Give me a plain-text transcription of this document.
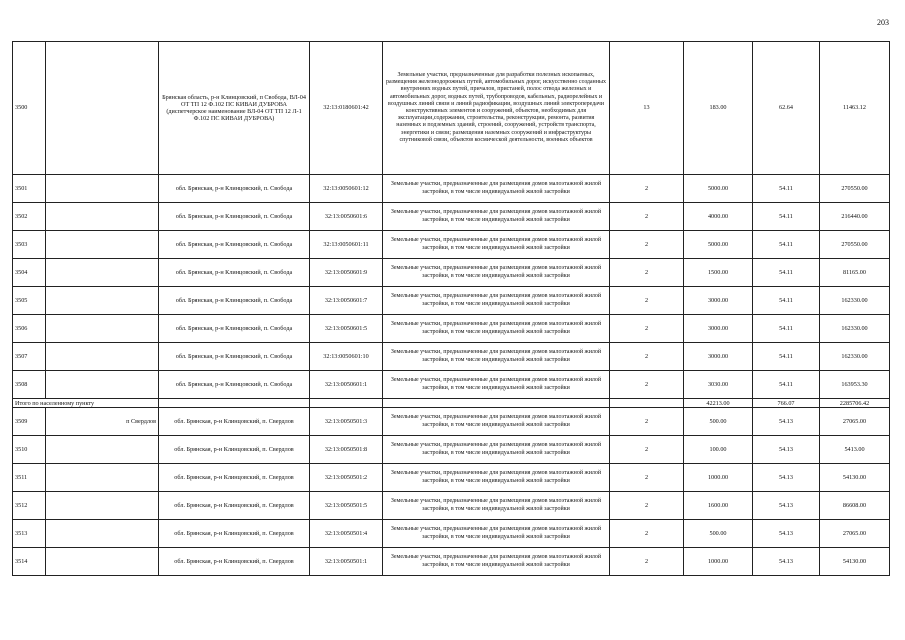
203
3500		Брянская область, р-н Клинцовский, п Свобода, ВЛ-04 ОТ ТП 12 Ф.102 ПС КИВАИ ДУБРОВА (диспетчерское наименование ВЛ-04 ОТ ТП 12 Л-1 Ф.102 ПС КИВАИ ДУБРОВА)	32:13:0180601:42	Земельные участки, предназначенные для разработки полезных ископаемых, размещения железнодорожных путей, автомобильных дорог, искусственно созданных внутренних водных путей, причалов, пристаней, полос отвода железных и автомобильных дорог, водных путей, трубопроводов, кабельных, радиорелейных и воздушных линий связи и линий радиофикации, воздушных линий электропередачи конструктивных элементов и сооружений, объектов, необходимых для эксплуатации,содержания, строительства, реконструкции, ремонта, развития наземных и подземных зданий, строений, сооружений, устройств транспорта, энергетики и связи; размещения наземных сооружений и инфраструктуры спутниковой связи, объектов космической деятельности, военных объектов	13	183.00	62.64	11463.12
3501		обл. Брянская, р-н Клинцовский, п. Свобода	32:13:0050601:12	Земельные участки, предназначенные для размещения домов малоэтажной жилой застройки, в том числе индивидуальной жилой застройки	2	5000.00	54.11	270550.00
3502		обл. Брянская, р-н Клинцовский, п. Свобода	32:13:0050601:6	Земельные участки, предназначенные для размещения домов малоэтажной жилой застройки, в том числе индивидуальной жилой застройки	2	4000.00	54.11	216440.00
3503		обл. Брянская, р-н Клинцовский, п. Свобода	32:13:0050601:11	Земельные участки, предназначенные для размещения домов малоэтажной жилой застройки, в том числе индивидуальной жилой застройки	2	5000.00	54.11	270550.00
3504		обл. Брянская, р-н Клинцовский, п. Свобода	32:13:0050601:9	Земельные участки, предназначенные для размещения домов малоэтажной жилой застройки, в том числе индивидуальной жилой застройки	2	1500.00	54.11	81165.00
3505		обл. Брянская, р-н Клинцовский, п. Свобода	32:13:0050601:7	Земельные участки, предназначенные для размещения домов малоэтажной жилой застройки, в том числе индивидуальной жилой застройки	2	3000.00	54.11	162330.00
3506		обл. Брянская, р-н Клинцовский, п. Свобода	32:13:0050601:5	Земельные участки, предназначенные для размещения домов малоэтажной жилой застройки, в том числе индивидуальной жилой застройки	2	3000.00	54.11	162330.00
3507		обл. Брянская, р-н Клинцовский, п. Свобода	32:13:0050601:10	Земельные участки, предназначенные для размещения домов малоэтажной жилой застройки, в том числе индивидуальной жилой застройки	2	3000.00	54.11	162330.00
3508		обл. Брянская, р-н Клинцовский, п. Свобода	32:13:0050601:1	Земельные участки, предназначенные для размещения домов малоэтажной жилой застройки, в том числе индивидуальной жилой застройки	2	3030.00	54.11	163953.30
Итого по населенному пункту						42213.00	766.07	2285706.42
3509	п Свердлов	обл. Брянская, р-н Клинцовский, п. Свердлов	32:13:0050501:3	Земельные участки, предназначенные для размещения домов малоэтажной жилой застройки, в том числе индивидуальной жилой застройки	2	500.00	54.13	27065.00
3510		обл. Брянская, р-н Клинцовский, п. Свердлов	32:13:0050501:8	Земельные участки, предназначенные для размещения домов малоэтажной жилой застройки, в том числе индивидуальной жилой застройки	2	100.00	54.13	5413.00
3511		обл. Брянская, р-н Клинцовский, п. Свердлов	32:13:0050501:2	Земельные участки, предназначенные для размещения домов малоэтажной жилой застройки, в том числе индивидуальной жилой застройки	2	1000.00	54.13	54130.00
3512		обл. Брянская, р-н Клинцовский, п. Свердлов	32:13:0050501:5	Земельные участки, предназначенные для размещения домов малоэтажной жилой застройки, в том числе индивидуальной жилой застройки	2	1600.00	54.13	86608.00
3513		обл. Брянская, р-н Клинцовский, п. Свердлов	32:13:0050501:4	Земельные участки, предназначенные для размещения домов малоэтажной жилой застройки, в том числе индивидуальной жилой застройки	2	500.00	54.13	27065.00
3514		обл. Брянская, р-н Клинцовский, п. Свердлов	32:13:0050501:1	Земельные участки, предназначенные для размещения домов малоэтажной жилой застройки, в том числе индивидуальной жилой застройки	2	1000.00	54.13	54130.00
